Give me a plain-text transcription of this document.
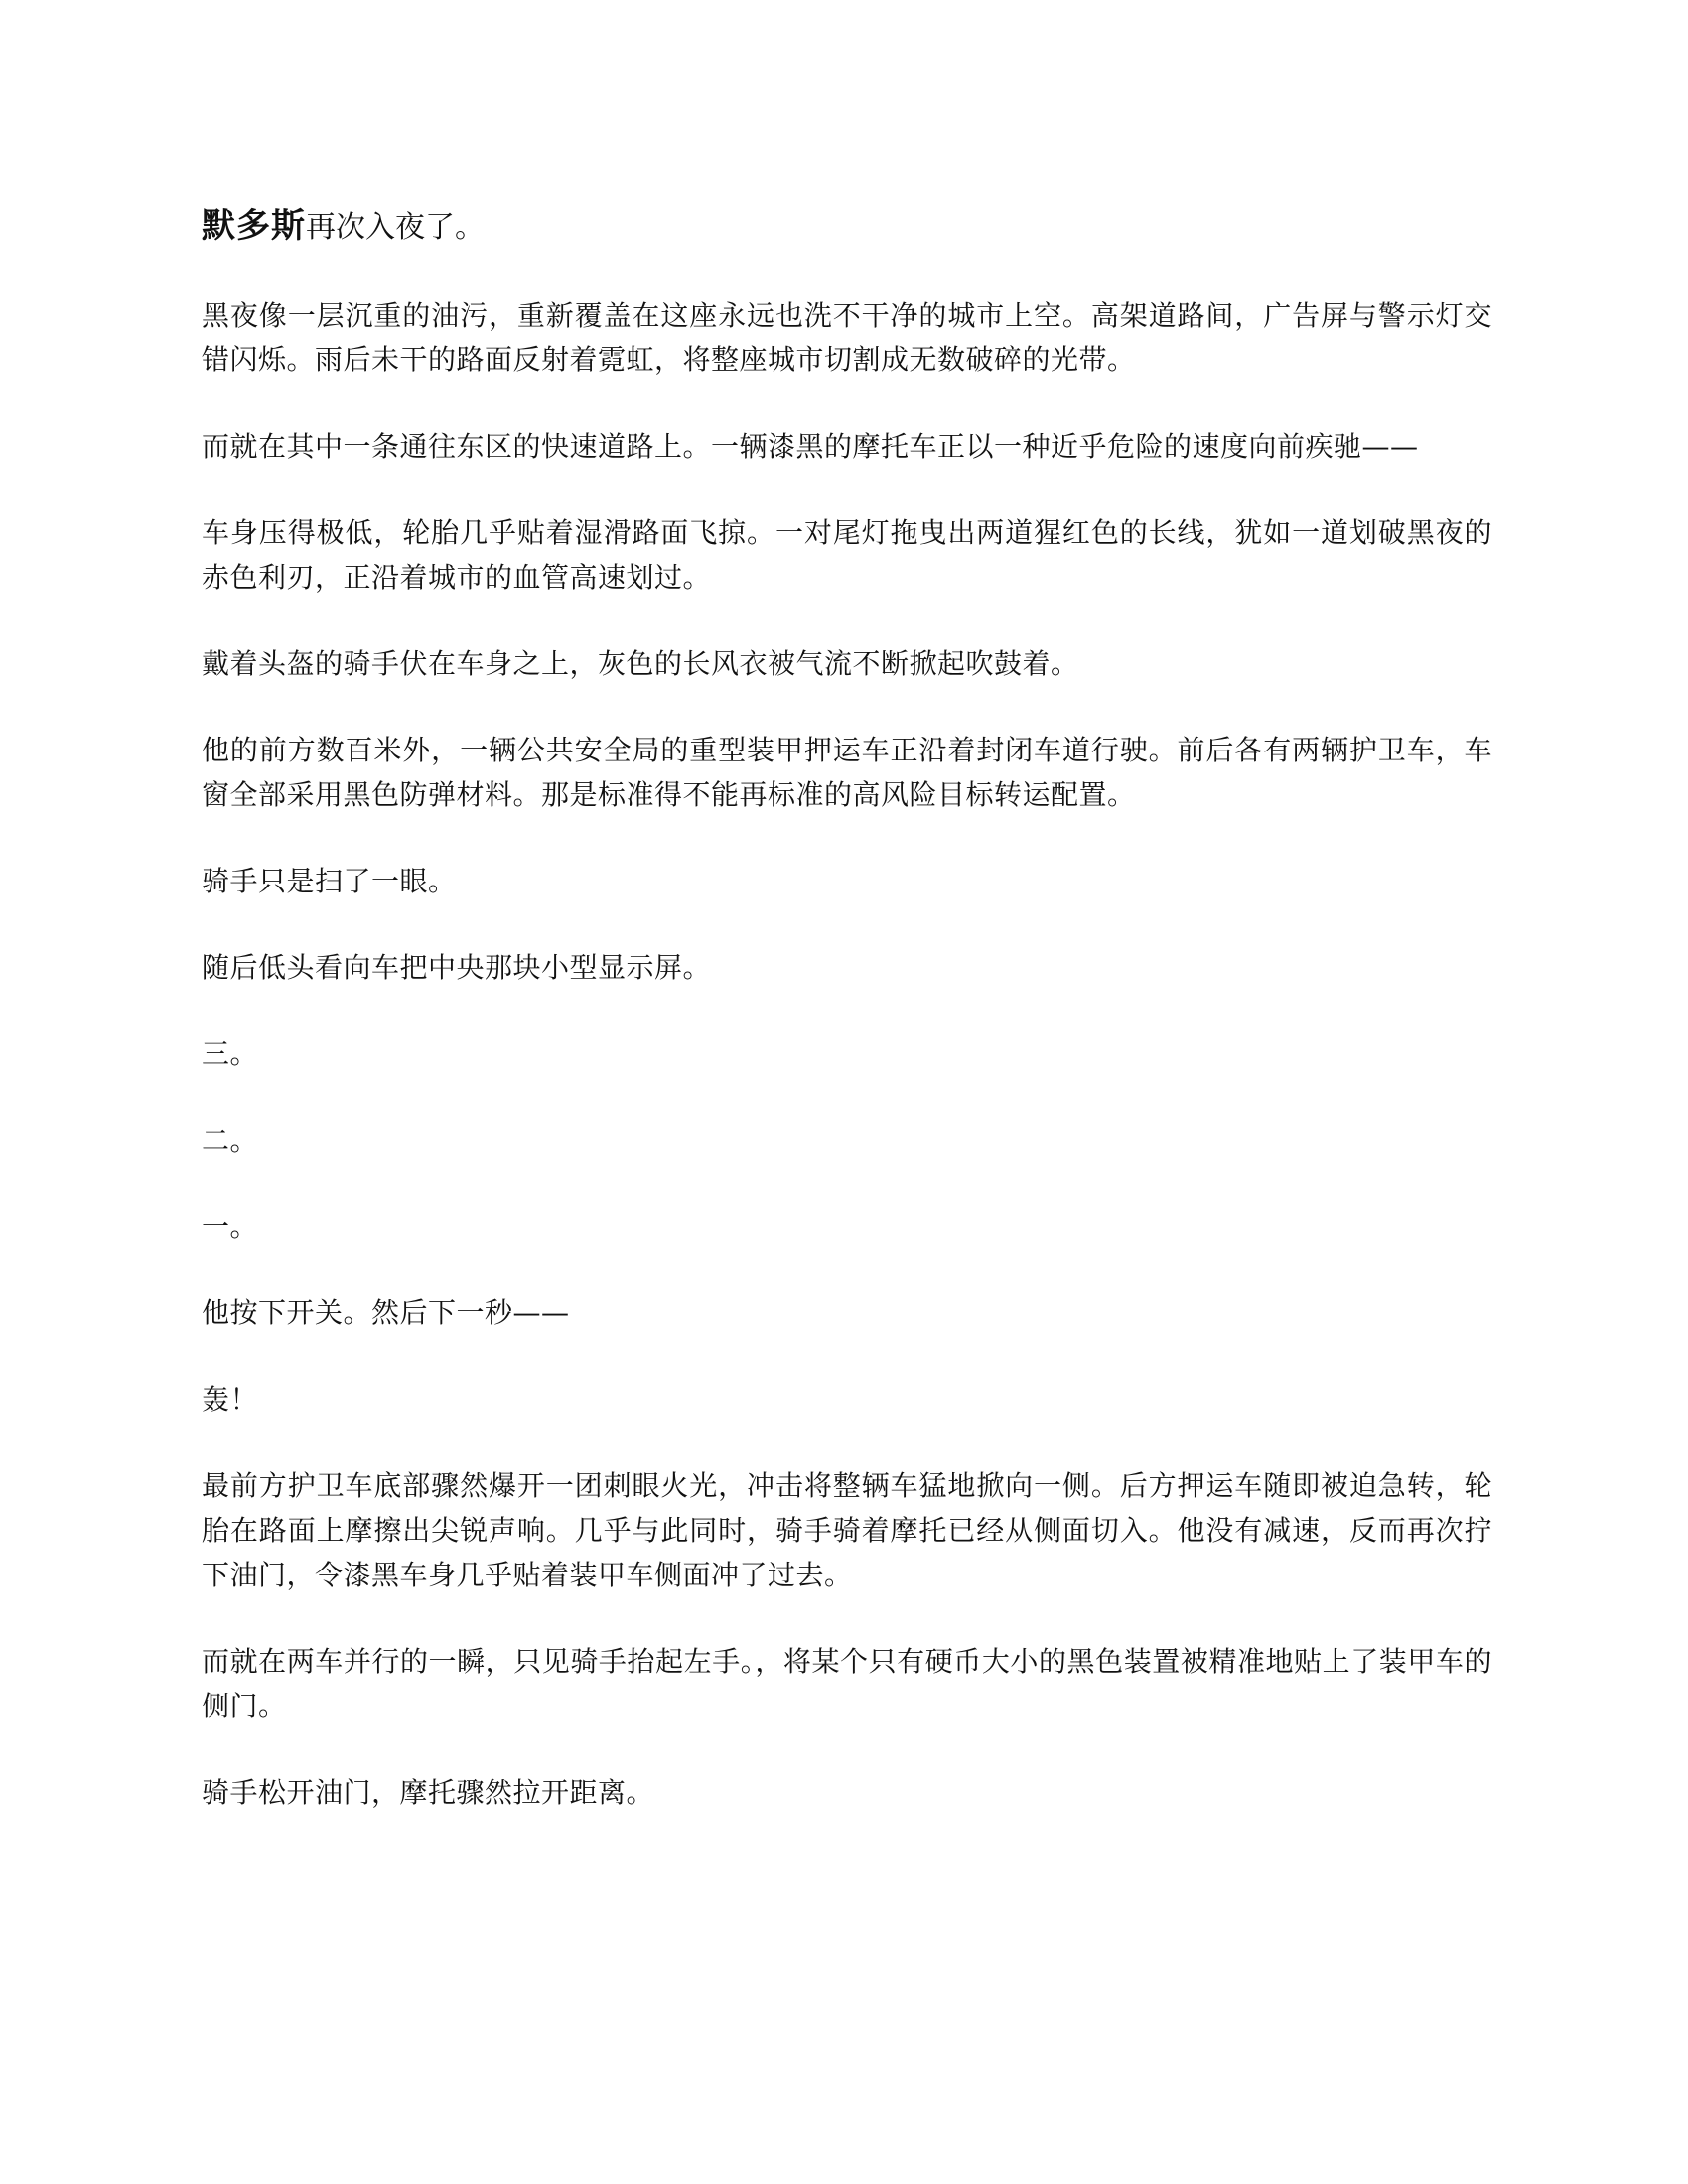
默多斯再次入夜了。

黑夜像一层沉重的油污，重新覆盖在这座永远也洗不干净的城市上空。高架道路间，广告屏与警示灯交错闪烁。雨后未干的路面反射着霓虹，将整座城市切割成无数破碎的光带。

而就在其中一条通往东区的快速道路上。一辆漆黑的摩托车正以一种近乎危险的速度向前疾驰——

车身压得极低，轮胎几乎贴着湿滑路面飞掠。一对尾灯拖曳出两道猩红色的长线，犹如一道划破黑夜的赤色利刃，正沿着城市的血管高速划过。

戴着头盔的骑手伏在车身之上，灰色的长风衣被气流不断掀起吹鼓着。

他的前方数百米外，一辆公共安全局的重型装甲押运车正沿着封闭车道行驶。前后各有两辆护卫车，车窗全部采用黑色防弹材料。那是标准得不能再标准的高风险目标转运配置。

骑手只是扫了一眼。

随后低头看向车把中央那块小型显示屏。

三。

二。

一。

他按下开关。然后下一秒——

轰！

最前方护卫车底部骤然爆开一团刺眼火光，冲击将整辆车猛地掀向一侧。后方押运车随即被迫急转，轮胎在路面上摩擦出尖锐声响。几乎与此同时，骑手骑着摩托已经从侧面切入。他没有减速，反而再次拧下油门，令漆黑车身几乎贴着装甲车侧面冲了过去。

而就在两车并行的一瞬，只见骑手抬起左手。，将某个只有硬币大小的黑色装置被精准地贴上了装甲车的侧门。

骑手松开油门，摩托骤然拉开距离。
